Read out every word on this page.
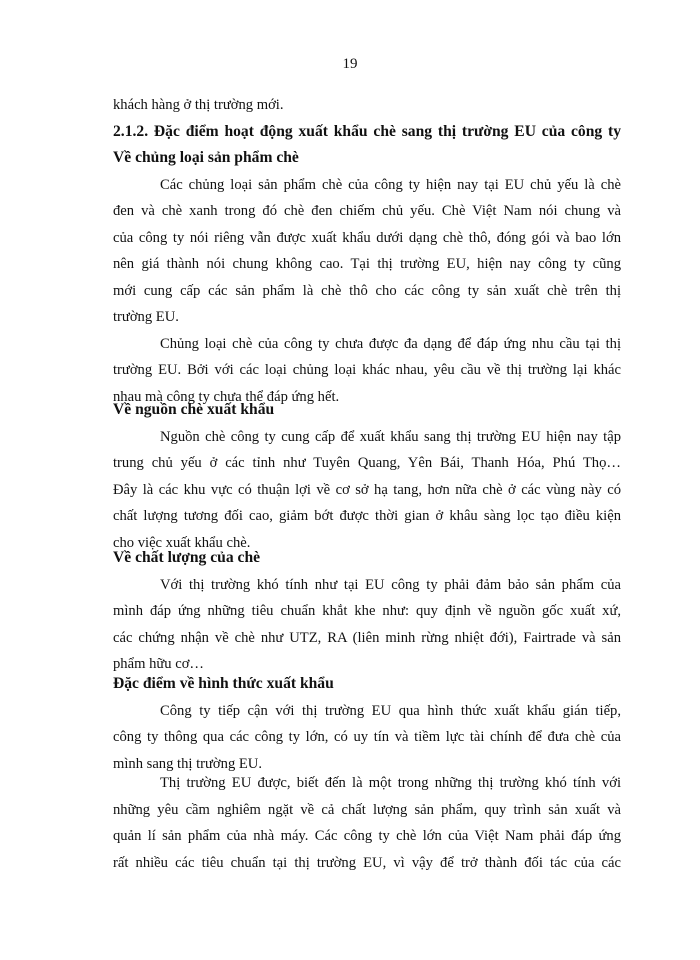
19
khách hàng ở thị trường mới.
2.1.2. Đặc điểm hoạt động xuất khẩu chè sang thị trường EU của công ty
Về chủng loại sản phẩm chè
Các chủng loại sản phẩm chè của công ty hiện nay tại EU chủ yếu là chè
đen và chè xanh trong đó chè đen chiếm chủ yếu. Chè Việt Nam nói chung và
của công ty nói riêng vẫn được xuất khẩu dưới dạng chè thô, đóng gói và bao lớn
nên giá thành nói chung không cao. Tại thị trường EU, hiện nay công ty cũng
mới cung cấp các sản phẩm là chè thô cho các công ty sản xuất chè trên thị
trường EU.
Chủng loại chè của công ty chưa được đa dạng để đáp ứng nhu cầu tại thị
trường EU. Bởi với các loại chủng loại khác nhau, yêu cầu về thị trường lại khác
nhau mà công ty chưa thể đáp ứng hết.
Về nguồn chè xuất khẩu
Nguồn chè công ty cung cấp để xuất khẩu sang thị trường EU hiện nay tập
trung chủ yếu ở các tỉnh như Tuyên Quang, Yên Bái, Thanh Hóa, Phú Thọ…
Đây là các khu vực có thuận lợi về cơ sở hạ tang, hơn nữa chè ở các vùng này có
chất lượng tương đối cao, giảm bớt được thời gian ở khâu sàng lọc tạo điều kiện
cho việc xuất khẩu chè.
Về chất lượng của chè
Với thị trường khó tính như tại EU công ty phải đảm bảo sản phẩm của
mình đáp ứng những tiêu chuẩn khắt khe như: quy định về nguồn gốc xuất xứ,
các chứng nhận về chè như UTZ, RA (liên minh rừng nhiệt đới), Fairtrade và sản
phẩm hữu cơ…
Đặc điểm về hình thức xuất khẩu
Công ty tiếp cận với thị trường EU qua hình thức xuất khẩu gián tiếp,
công ty thông qua các công ty lớn, có uy tín và tiềm lực tài chính để đưa chè của
mình sang thị trường EU.
Thị trường EU được, biết đến là một trong những thị trường khó tính với
những yêu cầm nghiêm ngặt về cả chất lượng sản phẩm, quy trình sản xuất và
quản lí sản phẩm của nhà máy. Các công ty chè lớn của Việt Nam phải đáp ứng
rất nhiều các tiêu chuẩn tại thị trường EU, vì vậy để trở thành đối tác của các
